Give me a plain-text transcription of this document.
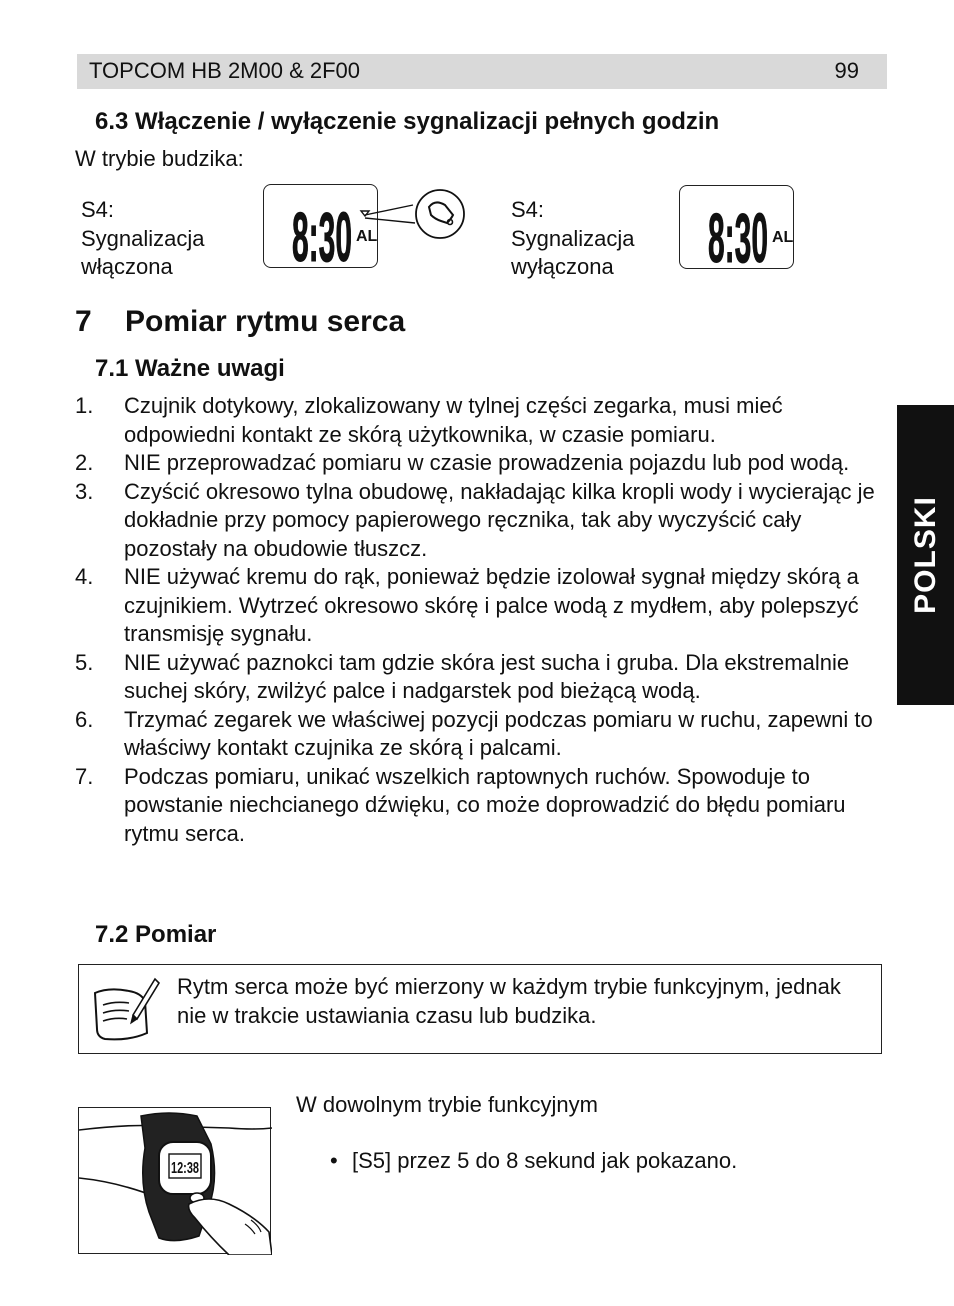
TOPCOM HB 2M00 & 2F00	99
6.3 Włączenie / wyłączenie sygnalizacji pełnych godzin
W trybie budzika:
S4:
Sygnalizacja
włączona	8:30 AL
S4:
Sygnalizacja
wyłączona 8:30 AL
7 Pomiar rytmu serca
7.1 Ważne uwagi
1.	Czujnik dotykowy, zlokalizowany w tylnej części zegarka, musi mieć odpowiedni kontakt ze skórą użytkownika, w czasie pomiaru.
2.	NIE przeprowadzać pomiaru w czasie prowadzenia pojazdu lub pod wodą.
3.	Czyścić okresowo tylna obudowę, nakładając kilka kropli wody i wycierając je dokładnie przy pomocy papierowego ręcznika, tak aby wyczyścić cały pozostały na obudowie tłuszcz.
4.	NIE używać kremu do rąk, ponieważ będzie izolował sygnał między skórą a czujnikiem. Wytrzeć okresowo skórę i palce wodą z mydłem, aby polepszyć transmisję sygnału.
5.	NIE używać paznokci tam gdzie skóra jest sucha i gruba. Dla ekstremalnie suchej skóry, zwilżyć palce i nadgarstek pod bieżącą wodą.
6.	Trzymać zegarek we właściwej pozycji podczas pomiaru w ruchu, zapewni to właściwy kontakt czujnika ze skórą i palcami.
7.	Podczas pomiaru, unikać wszelkich raptownych ruchów. Spowoduje to powstanie niechcianego dźwięku, co może doprowadzić do błędu pomiaru rytmu serca.
POLSKI
7.2 Pomiar
Rytm serca może być mierzony w każdym trybie funkcyjnym, jednak nie w trakcie ustawiania czasu lub budzika.
12:38
W dowolnym trybie funkcyjnym
• [S5] przez 5 do 8 sekund jak pokazano.
